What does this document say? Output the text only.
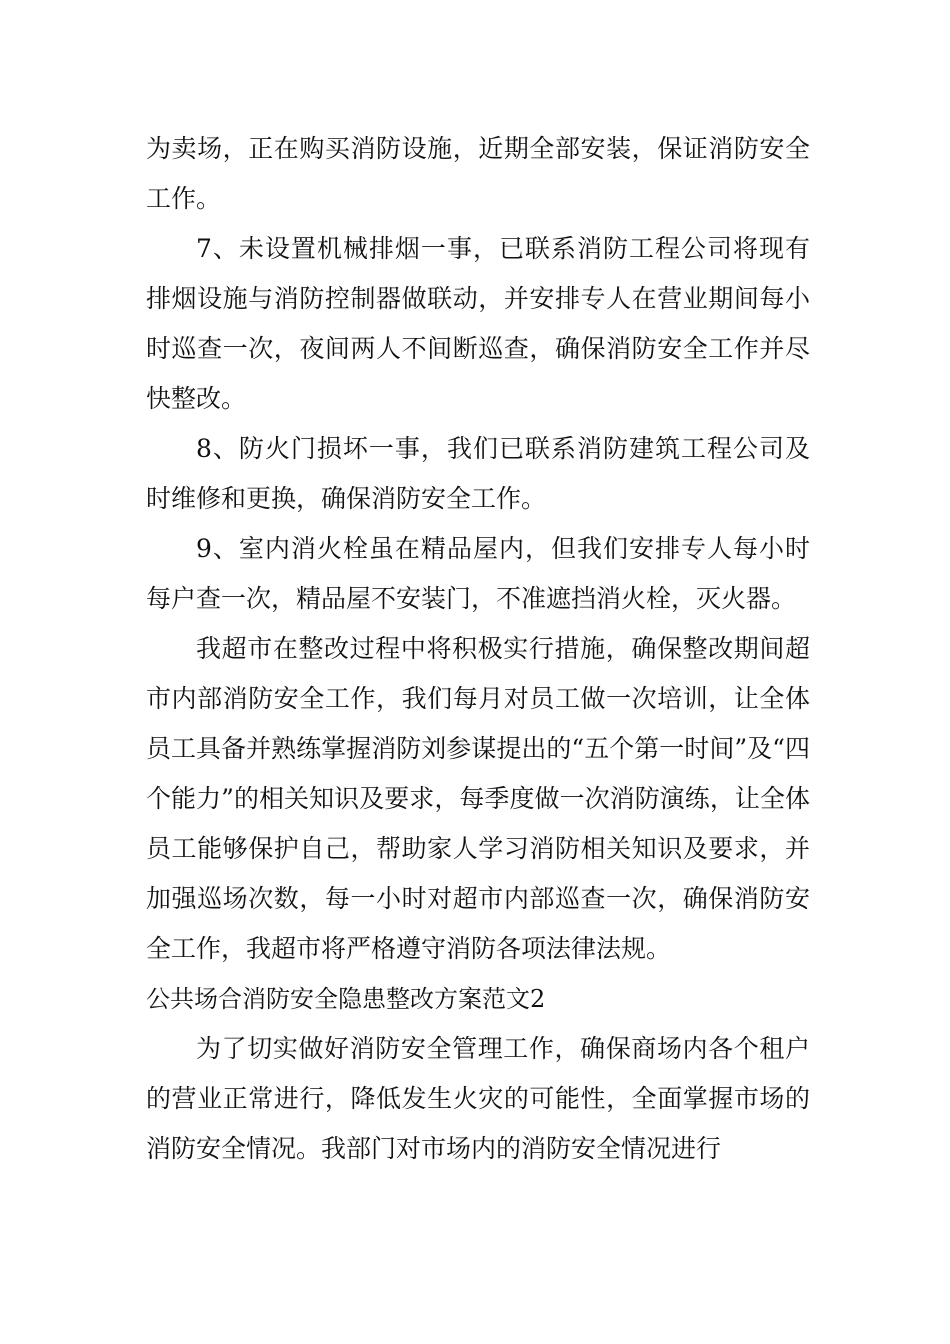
为卖场，正在购买消防设施，近期全部安装，保证消防安全工作。

7、未设置机械排烟一事，已联系消防工程公司将现有排烟设施与消防控制器做联动，并安排专人在营业期间每小时巡查一次，夜间两人不间断巡查，确保消防安全工作并尽快整改。

8、防火门损坏一事，我们已联系消防建筑工程公司及时维修和更换，确保消防安全工作。

9、室内消火栓虽在精品屋内，但我们安排专人每小时每户查一次，精品屋不安装门，不准遮挡消火栓，灭火器。

我超市在整改过程中将积极实行措施，确保整改期间超市内部消防安全工作，我们每月对员工做一次培训，让全体员工具备并熟练掌握消防刘参谋提出的“五个第一时间”及“四个能力”的相关知识及要求，每季度做一次消防演练，让全体员工能够保护自己，帮助家人学习消防相关知识及要求，并加强巡场次数，每一小时对超市内部巡查一次，确保消防安全工作，我超市将严格遵守消防各项法律法规。

公共场合消防安全隐患整改方案范文2

为了切实做好消防安全管理工作，确保商场内各个租户的营业正常进行，降低发生火灾的可能性，全面掌握市场的消防安全情况。我部门对市场内的消防安全情况进行
